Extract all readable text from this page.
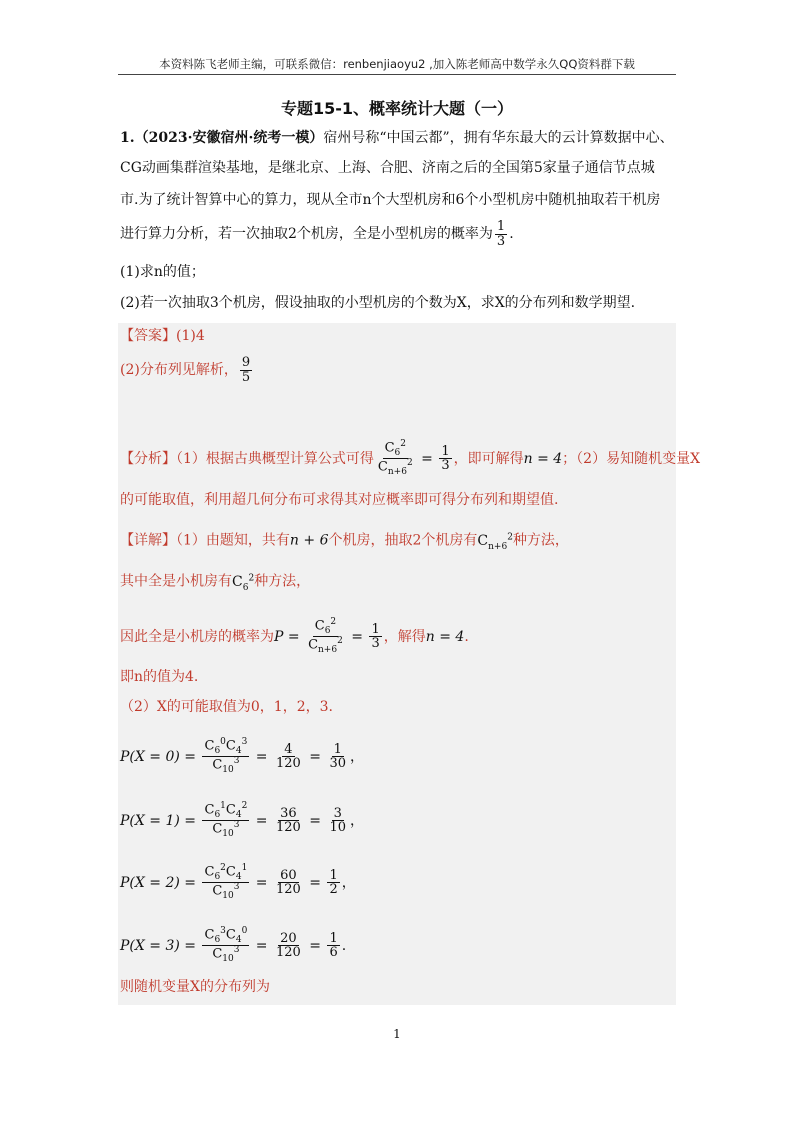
本资料陈飞老师主编，可联系微信：renbenjiaoyu2 ,加入陈老师高中数学永久QQ资料群下载
专题15-1、概率统计大题（一）
1.（2023·安徽宿州·统考一模）宿州号称“中国云都”，拥有华东最大的云计算数据中心、
CG动画集群渲染基地，是继北京、上海、合肥、济南之后的全国第5家量子通信节点城
市.为了统计智算中心的算力，现从全市n个大型机房和6个小型机房中随机抽取若干机房
进行算力分析，若一次抽取2个机房，全是小型机房的概率为 $\frac{1}{3}$ .
(1)求n的值；
(2)若一次抽取3个机房，假设抽取的小型机房的个数为X，求X的分布列和数学期望.
【答案】(1)4
(2)分布列见解析， $\frac{9}{5}$
【分析】（1）根据古典概型计算公式可得 $\frac{C_6^2}{C_{n+6}^2} = \frac{1}{3}$ ，即可解得n = 4；（2）易知随机变量X
的可能取值，利用超几何分布可求得其对应概率即可得分布列和期望值.
【详解】（1）由题知，共有n + 6个机房，抽取2个机房有$C_{n+6}^2$种方法，
其中全是小机房有$C_6^2$种方法，
因此全是小机房的概率为$P = \frac{C_6^2}{C_{n+6}^2} = \frac{1}{3}$ ，解得n = 4.
即n的值为4.
（2）X的可能取值为0，1，2，3.
$P(X = 0) = \frac{C_6^0C_4^3}{C_{10}^3} = \frac{4}{120} = \frac{1}{30}$ ，
$P(X = 1) = \frac{C_6^1C_4^2}{C_{10}^3} = \frac{36}{120} = \frac{3}{10}$ ，
$P(X = 2) = \frac{C_6^2C_4^1}{C_{10}^3} = \frac{60}{120} = \frac{1}{2}$ ，
$P(X = 3) = \frac{C_6^3C_4^0}{C_{10}^3} = \frac{20}{120} = \frac{1}{6}$ .
则随机变量X的分布列为
1
